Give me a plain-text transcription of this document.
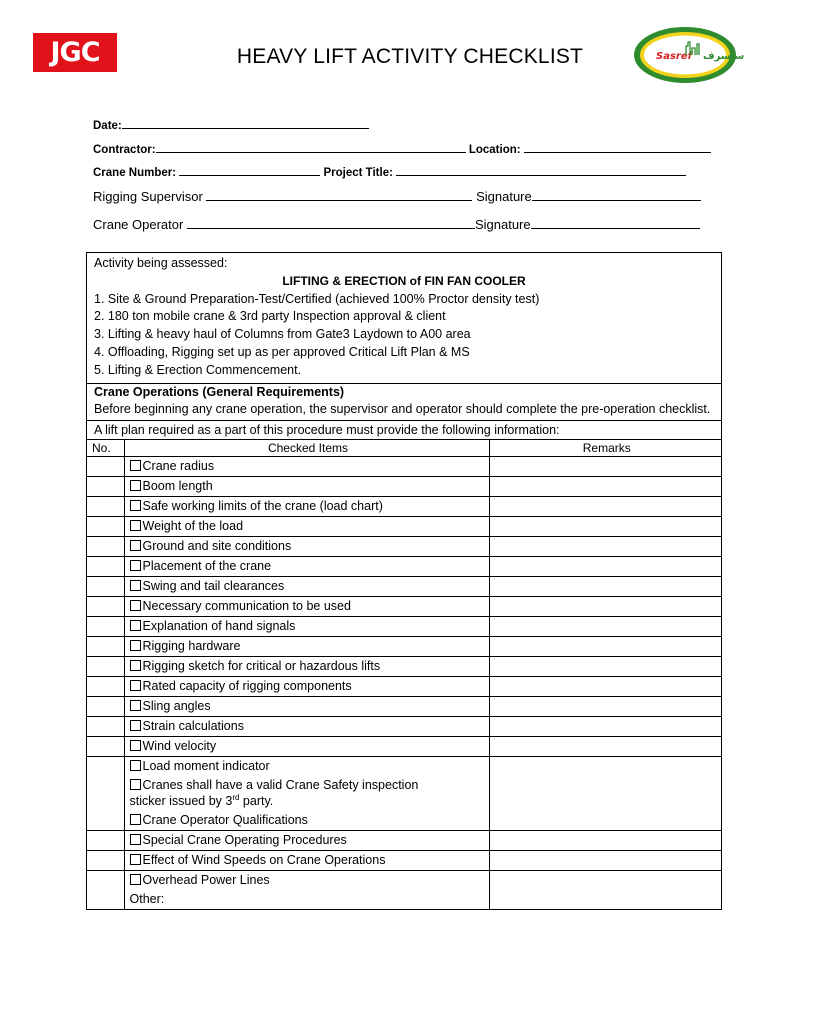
JGC	Sasref ساسرف
HEAVY LIFT ACTIVITY CHECKLIST
Date:
Contractor:	Location:
Crane Number:	Project Title:
Rigging Supervisor	Signature
Crane Operator	Signature
Activity being assessed:
LIFTING & ERECTION of FIN FAN COOLER
1. Site & Ground Preparation-Test/Certified (achieved 100% Proctor density test)
2. 180 ton mobile crane & 3rd party Inspection approval & client
3. Lifting & heavy haul of Columns from Gate3 Laydown to A00 area
4. Offloading, Rigging set up as per approved Critical Lift Plan & MS
5. Lifting & Erection Commencement.
Crane Operations (General Requirements)
Before beginning any crane operation, the supervisor and operator should complete the pre-operation checklist.
A lift plan required as a part of this procedure must provide the following information:
No.	Checked Items	Remarks
	Crane radius	
	Boom length	
	Safe working limits of the crane (load chart)	
	Weight of the load	
	Ground and site conditions	
	Placement of the crane	
	Swing and tail clearances	
	Necessary communication to be used	
	Explanation of hand signals	
	Rigging hardware	
	Rigging sketch for critical or hazardous lifts	
	Rated capacity of rigging components	
	Sling angles	
	Strain calculations	
	Wind velocity	
	Load moment indicator	
	Cranes shall have a valid Crane Safety inspection
sticker issued by 3rd party.	
	Crane Operator Qualifications	
	Special Crane Operating Procedures	
	Effect of Wind Speeds on Crane Operations	
	Overhead Power Lines	
	Other:	
